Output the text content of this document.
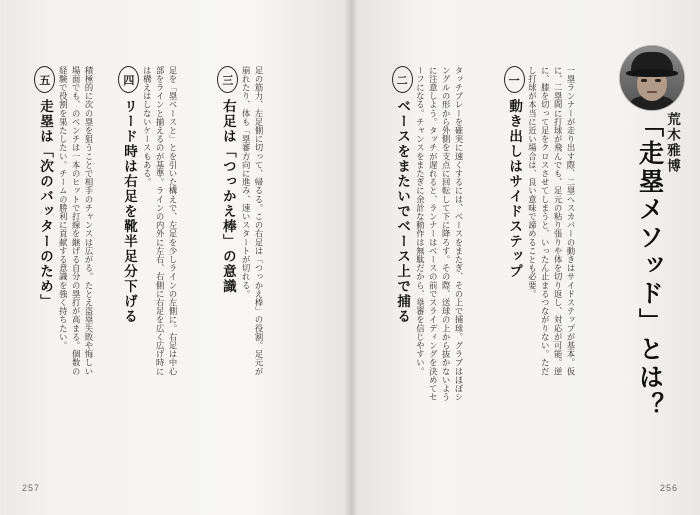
「走塁メソッド」とは？ 荒木雅博
一
動き出しはサイドステップ	一塁ランナーが走り出す際、二塁へスカバーの動きはサイドステップが基本。仮に、二塁間に打球が飛んでも、足元の粘り張りや体を切り返し、対応が可能。逆に、膝を切って足をクロスさせてしまうと、いったん止まるつながりない。ただし打球が本当に近い場合は、良い意味で諦めることも必要。
二
ベースをまたいでベース上で捕る	タッチプレーを確実に速くするには、ベースをまたぎ、その上で捕球。グラブはほぼシングルの形から外側を支点に回転して下に降ろす。その際、送球の上から抜かないように注意しよう。タッチが遅れると、ランナーはベースの前でスライディングを決めてセーフになる。チャンスをまたぎに余計な動作は無駄だから、塁審を信じやすい。
三
右足は「つっかえ棒」の意識	足の筋力、左足側に切って、帰るる。この右足は「つっかえ棒」の役割。足元が崩れたり、体も「塁審方向に進み、速いスタートが切れる。
四
リード時は右足を靴半足分下げる	足を「塁ベースと」とを引いた構えで、左足を少しラインの左側に。右足は中心部をラインと揃えるのが基準。ラインの内外に左右、右側に右足を広く広げ時には構えはしないケースもある。
五
走塁は「次のバッターのため」	積極的に次の塁を狙うことで相手のチャンスは広がる。たとえ盗塁失敗や悔しい場面でも、のベンチは一本のヒットで打線を継げる自分の塁打が高まる。個数の経験で役割を果たしたい。チームの勝利に貢献する意識を強く持ちたい。
257	256
